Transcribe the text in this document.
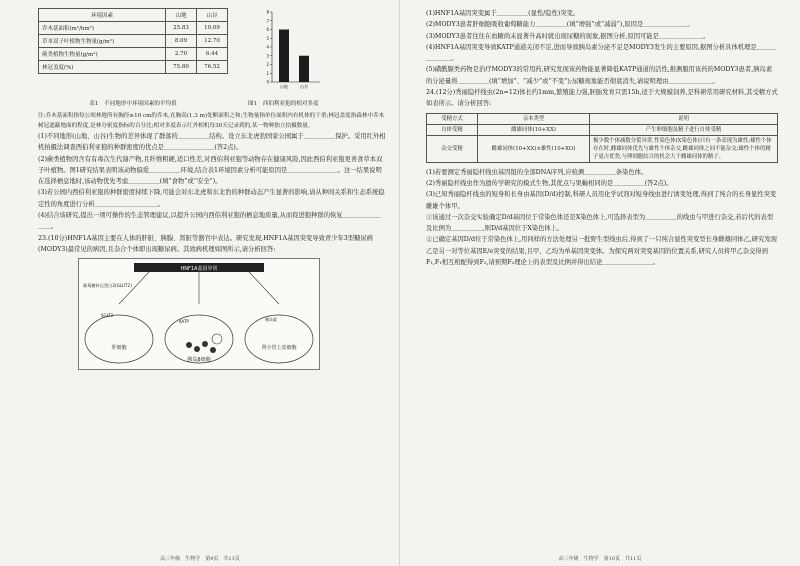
环境因素	山地	山谷
乔木基面积(m²/hm²)	25.83	19.09
草本双子叶植物生物量(g/m²)	8.09	12.70
蕨类植物生物量(g/m²)	2.70	6.44
林冠盖度(%)	75.80	76.52
0
1
2
3
4
5
6
7
8
山地	山谷

表1　不同地形中环境因素的平均值	图1　西伯利亚狍的相对多度

注:乔木基面积指每公顷林地所有胸径≥10 cm的乔木,在胸高(1.3 m)处断面积之和;生物量指单位面积内有机体的干重;林冠盖度指森林中乔木树冠遮蔽地面的程度,是林分密度指标的百分比;相对多度表示红外相机每30天记录到的,某一物种独立拍摄数量。

(1)不同地形(山地、山谷)生物的差异体现了群落的＿＿＿＿＿结构。设立东北虎豹国家公园属于＿＿＿＿＿保护。采用红外相机拍摄法调查西伯利亚狍的种群密度的优点是＿＿＿＿＿＿＿＿(答2点)。

(2)蕨类植物因含有有毒次生代谢产物,且纤维粗硬,适口性差,对西伯利亚狍等动物存在健康风险,因此西伯利亚狍更喜食草本双子叶植物。图1研究结果表明该动物偏爱＿＿＿＿＿环境,结合表1环境因素分析可能原因是＿＿＿＿＿＿＿＿。这一结果说明在选择栖息地时,该动物优先考虑＿＿＿＿＿(填“食物”或“安全”)。

(3)若公园内西伯利亚狍的种群密度持续下降,可能会对东北虎和东北豹的种群动态产生显著的影响,请从种间关系和生态系统稳定性的角度进行分析＿＿＿＿＿＿＿＿＿＿。

(4)结合该研究,提出一项可操作的生态管理建议,以提升公园内西伯利亚狍的栖息地质量,从而促进狍种群的恢复＿＿＿＿＿＿＿＿。

23.(10分)HNF1A基因主要在人体的肝脏、胰腺、肾脏等器官中表达。研究发现,HNF1A基因突变导致青少年3型糖尿病(MODY3)最常见的病因,且杂合个体即出现糖尿病。其致病机理如图所示,请分析回答:

HNF1A基因异常
葡萄糖转运蛋白2(GLUT2)
肝细胞
胰岛β细胞
肾小管上皮细胞
SGLT2
KATP	胰岛素
高三年级　生物学　第9页　共11页

(1)HNF1A基因突变属于＿＿＿＿＿(显性/隐性)突变。

(2)MODY3患者肝细胞吸收葡萄糖能力＿＿＿＿＿(填“增强”或“减弱”),原因是＿＿＿＿＿＿＿。

(3)MODY3患者往往在血糖尚未显著升高时就出现尿糖的现象,据图分析,原因可能是＿＿＿＿＿＿＿。

(4)HNF1A基因突变导致KATP通道关闭不足,进而导致胰岛素分泌不足是MODY3发生的主要原因,据图分析具体机理是＿＿＿＿＿＿＿。

(5)磺酰脲类药物是治疗MODY3的常用药,研究发现该药物能显著降低KATP通道的活性,推测服用该药的MODY3患者,胰岛素的分泌量将＿＿＿＿＿(填“增加”、“减少”或“不变”);尿糖现象能否彻底消失,请说明理由＿＿＿＿＿＿＿。

24.(12分)秀丽隐杆线虫(2n=12)体长约1mm,繁殖能力强,胚胎发育只需15h,适于大规模饲养,是科研常用研究材料,其受精方式如表所示。请分析回答:

受精方式	亲本类型	说明
自体受精	雌雄同体(10+XX)	产生卵细胞及精子进行自体受精
杂交受精	雌雄同体(10+XX)×雄性(10+XO)	极少数个体减数分裂异常,性染色体(X染色体)只有一条表现为雄性;雄性个体存在时,雌雄同体优先与雄性个体杂交,雌雄同体之间不能杂交;雄性个体的精子更占优势,与卵细胞结合的机会大于雌雄同体的精子。

(1)若要测定秀丽隐杆线虫基因组的全部DNA序列,应检测＿＿＿＿＿条染色体。

(2)秀丽隐杆线虫作为遗传学研究的模式生物,其优点与果蝇相同的是＿＿＿＿＿(答2点)。

(3)已知秀丽隐杆线虫的短身和长身由基因(D/d)控制,科研人员用化学试剂对短身线虫进行诱变处理,得到了纯合的长身显性突变雌雄个体甲。

①该通过一次杂交实验确定D/d基因位于常染色体还是X染色体上,可选择表型为＿＿＿＿＿的线虫与甲进行杂交,若后代的表型及比例为＿＿＿＿＿,则D/d基因位于X染色体上。

②已确定基因D/d位于常染色体上,用同样的方法处理另一批野生型线虫后,得到了一只纯合显性突变型长身雌雄同体乙,研究发现乙是另一对等位基因E/e突变的结果,且甲、乙均为单基因突变体。为探究两对突变基因的位置关系,研究人员将甲乙杂交得到F₁,F₁相互相配得到F₂,请预期F₂理论上的表型及比例并得出结论＿＿＿＿＿＿＿＿。

高三年级　生物学　第10页　共11页
